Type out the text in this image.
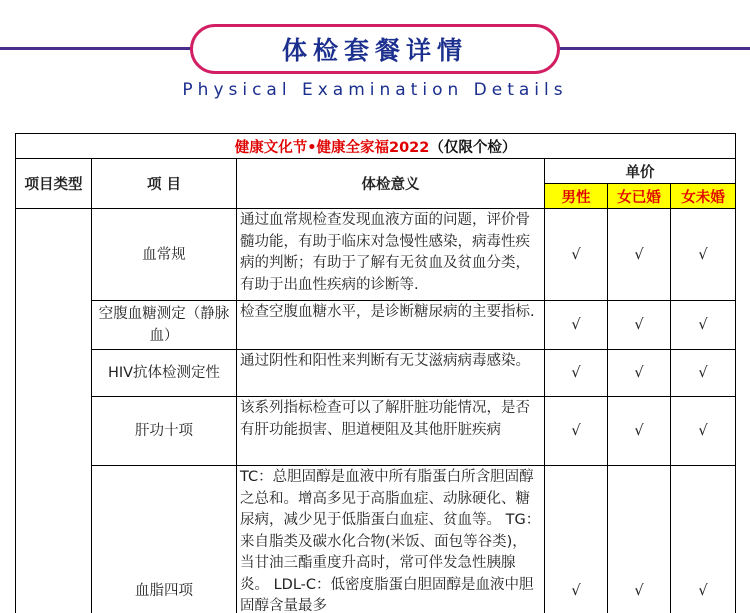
体检套餐详情
Physical Examination Details
健康文化节•健康全家福2022（仅限个检）					
项目类型	项 目	体检意义	单价		
			男性	女已婚	女未婚
	血常规	通过血常规检查发现血液方面的问题，评价骨髓功能，有助于临床对急慢性感染，病毒性疾病的判断；有助于了解有无贫血及贫血分类，有助于出血性疾病的诊断等.	√	√	√
	空腹血糖测定（静脉血）	检查空腹血糖水平，是诊断糖尿病的主要指标.	√	√	√
	HIV抗体检测定性	通过阴性和阳性来判断有无艾滋病病毒感染。	√	√	√
	肝功十项	该系列指标检查可以了解肝脏功能情况，是否有肝功能损害、胆道梗阻及其他肝脏疾病	√	√	√
	血脂四项	TC：总胆固醇是血液中所有脂蛋白所含胆固醇之总和。增高多见于高脂血症、动脉硬化、糖尿病，减少见于低脂蛋白血症、贫血等。 TG：来自脂类及碳水化合物(米饭、面包等谷类)，当甘油三酯重度升高时，常可伴发急性胰腺炎。 LDL-C：低密度脂蛋白胆固醇是血液中胆固醇含量最多	√	√	√
